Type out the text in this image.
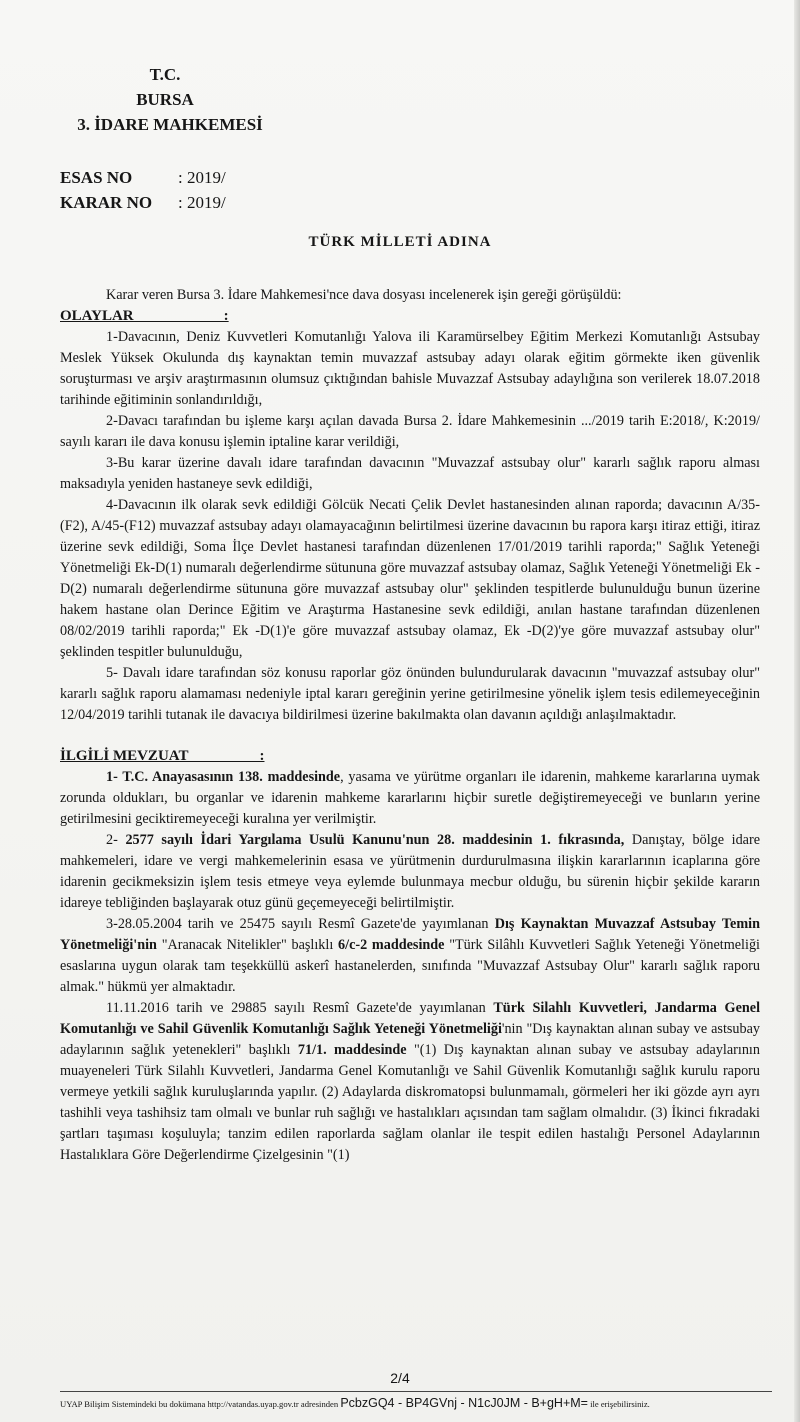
T.C.
BURSA
3. İDARE MAHKEMESİ
ESAS NO	: 2019/
KARAR NO	: 2019/
TÜRK MİLLETİ ADINA

Karar veren Bursa 3. İdare Mahkemesi'nce dava dosyası incelenerek işin gereği görüşüldü:

OLAYLAR                        :

1-Davacının, Deniz Kuvvetleri Komutanlığı Yalova ili Karamürselbey Eğitim Merkezi Komutanlığı Astsubay Meslek Yüksek Okulunda dış kaynaktan temin muvazzaf astsubay adayı olarak eğitim görmekte iken güvenlik soruşturması ve arşiv araştırmasının olumsuz çıktığından bahisle Muvazzaf Astsubay adaylığına son verilerek 18.07.2018 tarihinde eğitiminin sonlandırıldığı,

2-Davacı tarafından bu işleme karşı açılan davada Bursa 2. İdare Mahkemesinin .../2019 tarih E:2018/, K:2019/ sayılı kararı ile dava konusu işlemin iptaline karar verildiği,

3-Bu karar üzerine davalı idare tarafından davacının "Muvazzaf astsubay olur" kararlı sağlık raporu alması maksadıyla yeniden hastaneye sevk edildiği,

4-Davacının ilk olarak sevk edildiği Gölcük Necati Çelik Devlet hastanesinden alınan raporda; davacının A/35-(F2), A/45-(F12) muvazzaf astsubay adayı olamayacağının belirtilmesi üzerine davacının bu rapora karşı itiraz ettiği, itiraz üzerine sevk edildiği, Soma İlçe Devlet hastanesi tarafından düzenlenen 17/01/2019 tarihli raporda;" Sağlık Yeteneği Yönetmeliği Ek-D(1) numaralı değerlendirme sütununa göre muvazzaf astsubay olamaz, Sağlık Yeteneği Yönetmeliği Ek -D(2) numaralı değerlendirme sütununa göre muvazzaf astsubay olur" şeklinden tespitlerde bulunulduğu bunun üzerine hakem hastane olan Derince Eğitim ve Araştırma Hastanesine sevk edildiği, anılan hastane tarafından düzenlenen 08/02/2019 tarihli raporda;" Ek -D(1)'e göre muvazzaf astsubay olamaz, Ek -D(2)'ye göre muvazzaf astsubay olur" şeklinden tespitler bulunulduğu,

5- Davalı idare tarafından söz konusu raporlar göz önünden bulundurularak davacının "muvazzaf astsubay olur" kararlı sağlık raporu alamaması nedeniyle iptal kararı gereğinin yerine getirilmesine yönelik işlem tesis edilemeyeceğinin 12/04/2019 tarihli tutanak ile davacıya bildirilmesi üzerine bakılmakta olan davanın açıldığı anlaşılmaktadır.

İLGİLİ MEVZUAT                   :

1- T.C. Anayasasının 138. maddesinde, yasama ve yürütme organları ile idarenin, mahkeme kararlarına uymak zorunda oldukları, bu organlar ve idarenin mahkeme kararlarını hiçbir suretle değiştiremeyeceği ve bunların yerine getirilmesini geciktiremeyeceği kuralına yer verilmiştir.

2- 2577 sayılı İdari Yargılama Usulü Kanunu'nun 28. maddesinin 1. fıkrasında, Danıştay, bölge idare mahkemeleri, idare ve vergi mahkemelerinin esasa ve yürütmenin durdurulmasına ilişkin kararlarının icaplarına göre idarenin gecikmeksizin işlem tesis etmeye veya eylemde bulunmaya mecbur olduğu, bu sürenin hiçbir şekilde kararın idareye tebliğinden başlayarak otuz günü geçemeyeceği belirtilmiştir.

3-28.05.2004 tarih ve 25475 sayılı Resmî Gazete'de yayımlanan Dış Kaynaktan Muvazzaf Astsubay Temin Yönetmeliği'nin "Aranacak Nitelikler" başlıklı 6/c-2 maddesinde "Türk Silâhlı Kuvvetleri Sağlık Yeteneği Yönetmeliği esaslarına uygun olarak tam teşekküllü askerî hastanelerden, sınıfında "Muvazzaf Astsubay Olur" kararlı sağlık raporu almak." hükmü yer almaktadır.

11.11.2016 tarih ve 29885 sayılı Resmî Gazete'de yayımlanan Türk Silahlı Kuvvetleri, Jandarma Genel Komutanlığı ve Sahil Güvenlik Komutanlığı Sağlık Yeteneği Yönetmeliği'nin "Dış kaynaktan alınan subay ve astsubay adaylarının sağlık yetenekleri" başlıklı 71/1. maddesinde "(1) Dış kaynaktan alınan subay ve astsubay adaylarının muayeneleri Türk Silahlı Kuvvetleri, Jandarma Genel Komutanlığı ve Sahil Güvenlik Komutanlığı sağlık kurulu raporu vermeye yetkili sağlık kuruluşlarında yapılır. (2) Adaylarda diskromatopsi bulunmamalı, görmeleri her iki gözde ayrı ayrı tashihli veya tashihsiz tam olmalı ve bunlar ruh sağlığı ve hastalıkları açısından tam sağlam olmalıdır. (3) İkinci fıkradaki şartları taşıması koşuluyla; tanzim edilen raporlarda sağlam olanlar ile tespit edilen hastalığı Personel Adaylarının Hastalıklara Göre Değerlendirme Çizelgesinin "(1)

2/4
UYAP Bilişim Sistemindeki bu dokümana http://vatandas.uyap.gov.tr adresinden PcbzGQ4 - BP4GVnj - N1cJ0JM - B+gH+M= ile erişebilirsiniz.
